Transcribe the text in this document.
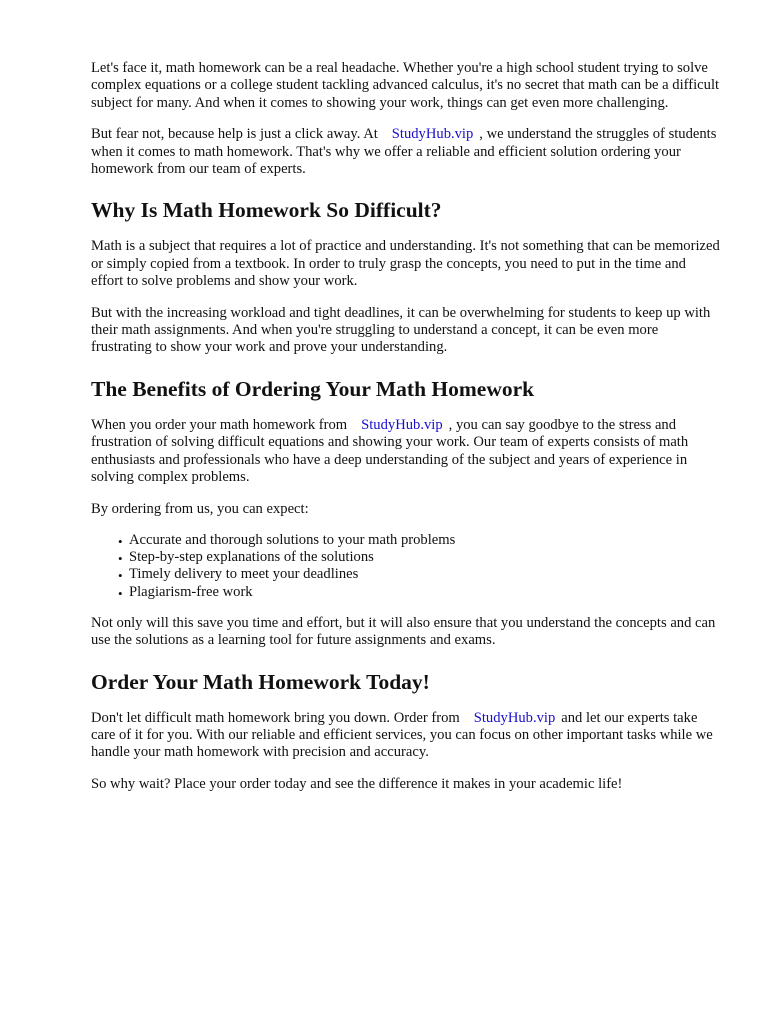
Let's face it, math homework can be a real headache. Whether you're a high school student trying to solve complex equations or a college student tackling advanced calculus, it's no secret that math can be a difficult subject for many. And when it comes to showing your work, things can get even more challenging.

But fear not, because help is just a click away. At StudyHub.vip , we understand the struggles of students when it comes to math homework. That's why we offer a reliable and efficient solution ordering your homework from our team of experts.

Why Is Math Homework So Difficult?

Math is a subject that requires a lot of practice and understanding. It's not something that can be memorized or simply copied from a textbook. In order to truly grasp the concepts, you need to put in the time and effort to solve problems and show your work.

But with the increasing workload and tight deadlines, it can be overwhelming for students to keep up with their math assignments. And when you're struggling to understand a concept, it can be even more frustrating to show your work and prove your understanding.

The Benefits of Ordering Your Math Homework

When you order your math homework from StudyHub.vip , you can say goodbye to the stress and frustration of solving difficult equations and showing your work. Our team of experts consists of math enthusiasts and professionals who have a deep understanding of the subject and years of experience in solving complex problems.

By ordering from us, you can expect:

• Accurate and thorough solutions to your math problems
• Step-by-step explanations of the solutions
• Timely delivery to meet your deadlines
• Plagiarism-free work

Not only will this save you time and effort, but it will also ensure that you understand the concepts and can use the solutions as a learning tool for future assignments and exams.

Order Your Math Homework Today!

Don't let difficult math homework bring you down. Order from StudyHub.vip and let our experts take care of it for you. With our reliable and efficient services, you can focus on other important tasks while we handle your math homework with precision and accuracy.

So why wait? Place your order today and see the difference it makes in your academic life!
